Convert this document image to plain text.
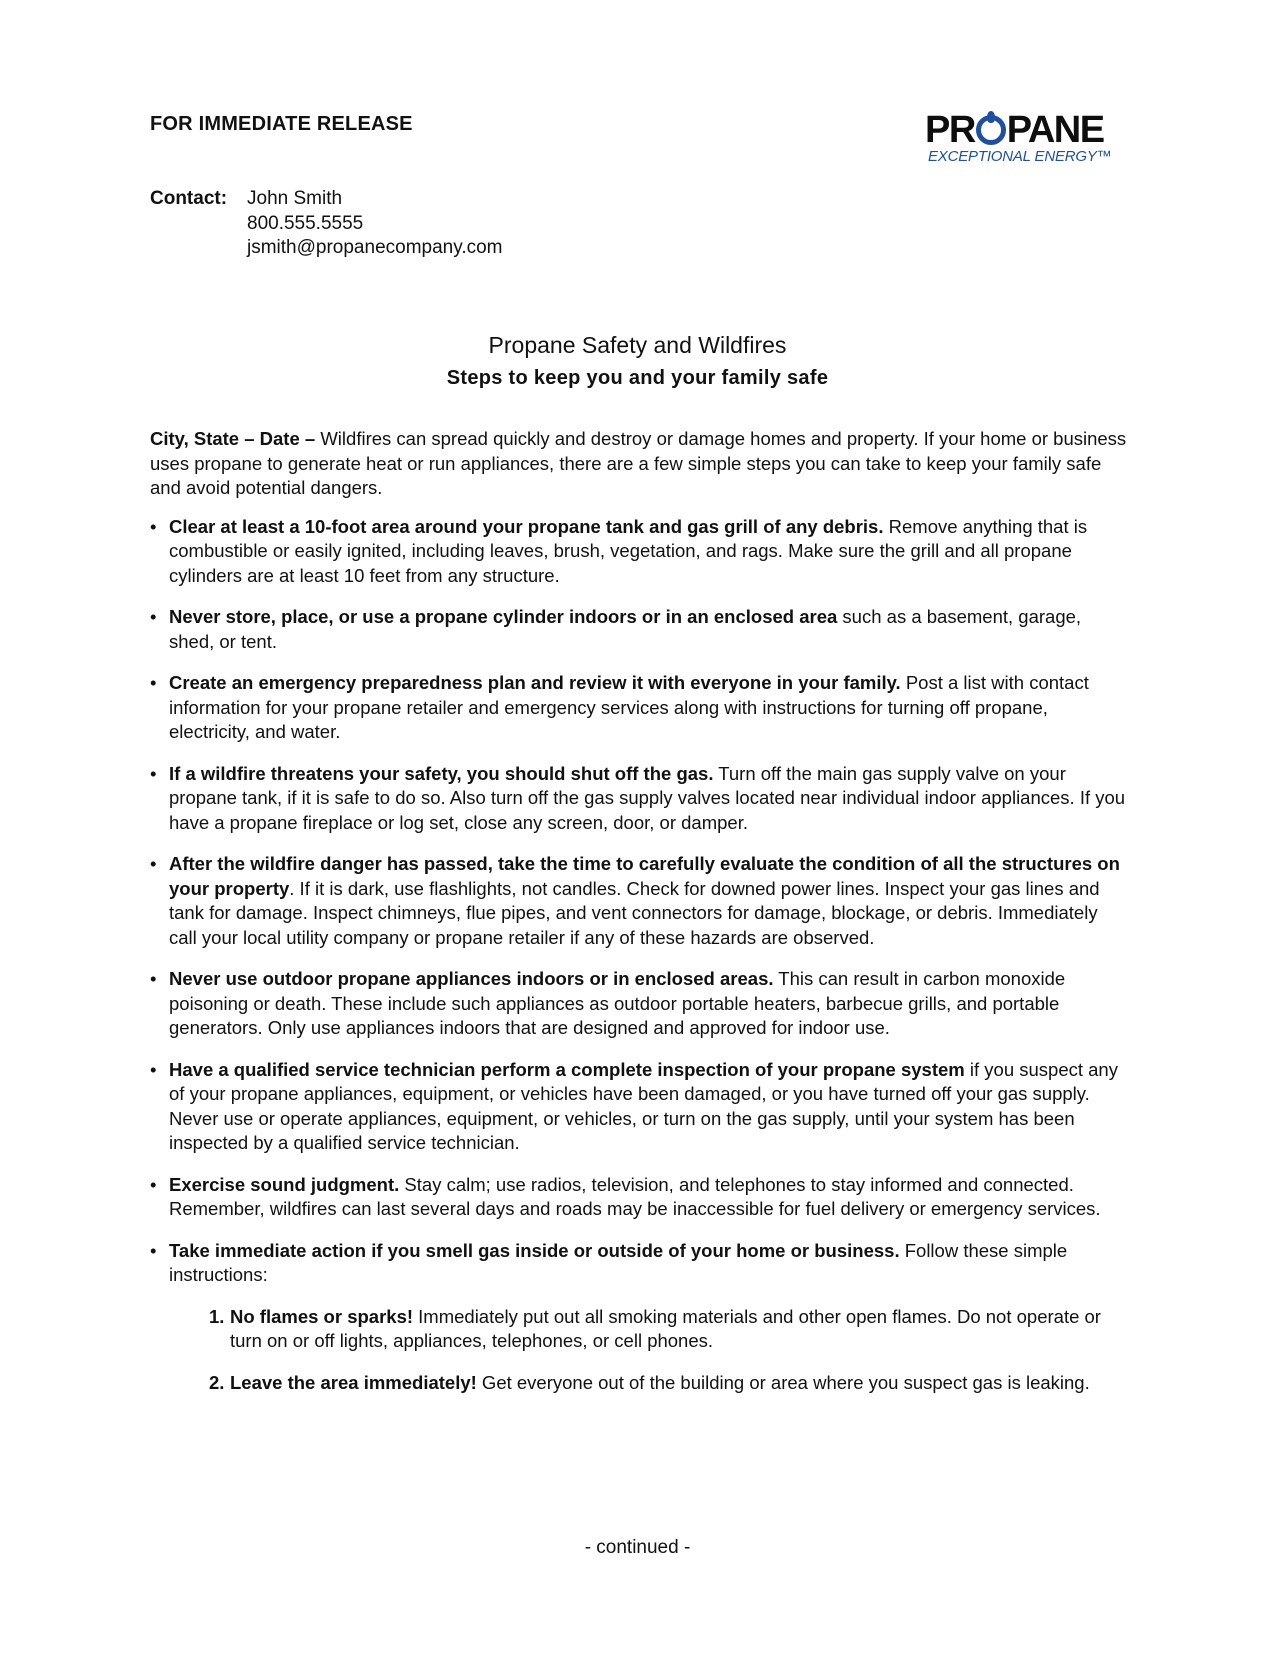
FOR IMMEDIATE RELEASE	PR PANE
EXCEPTIONAL ENERGY™
Contact:	John Smith
800.555.5555
jsmith@propanecompany.com
Propane Safety and Wildfires
Steps to keep you and your family safe

City, State – Date – Wildfires can spread quickly and destroy or damage homes and property. If your home or business uses propane to generate heat or run appliances, there are a few simple steps you can take to keep your family safe and avoid potential dangers.

• Clear at least a 10-foot area around your propane tank and gas grill of any debris. Remove anything that is combustible or easily ignited, including leaves, brush, vegetation, and rags. Make sure the grill and all propane cylinders are at least 10 feet from any structure.
• Never store, place, or use a propane cylinder indoors or in an enclosed area such as a basement, garage, shed, or tent.
• Create an emergency preparedness plan and review it with everyone in your family. Post a list with contact information for your propane retailer and emergency services along with instructions for turning off propane, electricity, and water.
• If a wildfire threatens your safety, you should shut off the gas. Turn off the main gas supply valve on your propane tank, if it is safe to do so. Also turn off the gas supply valves located near individual indoor appliances. If you have a propane fireplace or log set, close any screen, door, or damper.
• After the wildfire danger has passed, take the time to carefully evaluate the condition of all the structures on your property. If it is dark, use flashlights, not candles. Check for downed power lines. Inspect your gas lines and tank for damage. Inspect chimneys, flue pipes, and vent connectors for damage, blockage, or debris. Immediately call your local utility company or propane retailer if any of these hazards are observed.
• Never use outdoor propane appliances indoors or in enclosed areas. This can result in carbon monoxide poisoning or death. These include such appliances as outdoor portable heaters, barbecue grills, and portable generators. Only use appliances indoors that are designed and approved for indoor use.
• Have a qualified service technician perform a complete inspection of your propane system if you suspect any of your propane appliances, equipment, or vehicles have been damaged, or you have turned off your gas supply. Never use or operate appliances, equipment, or vehicles, or turn on the gas supply, until your system has been inspected by a qualified service technician.
• Exercise sound judgment. Stay calm; use radios, television, and telephones to stay informed and connected. Remember, wildfires can last several days and roads may be inaccessible for fuel delivery or emergency services.
• Take immediate action if you smell gas inside or outside of your home or business. Follow these simple instructions:
1. No flames or sparks! Immediately put out all smoking materials and other open flames. Do not operate or turn on or off lights, appliances, telephones, or cell phones.
2. Leave the area immediately! Get everyone out of the building or area where you suspect gas is leaking.
- continued -
